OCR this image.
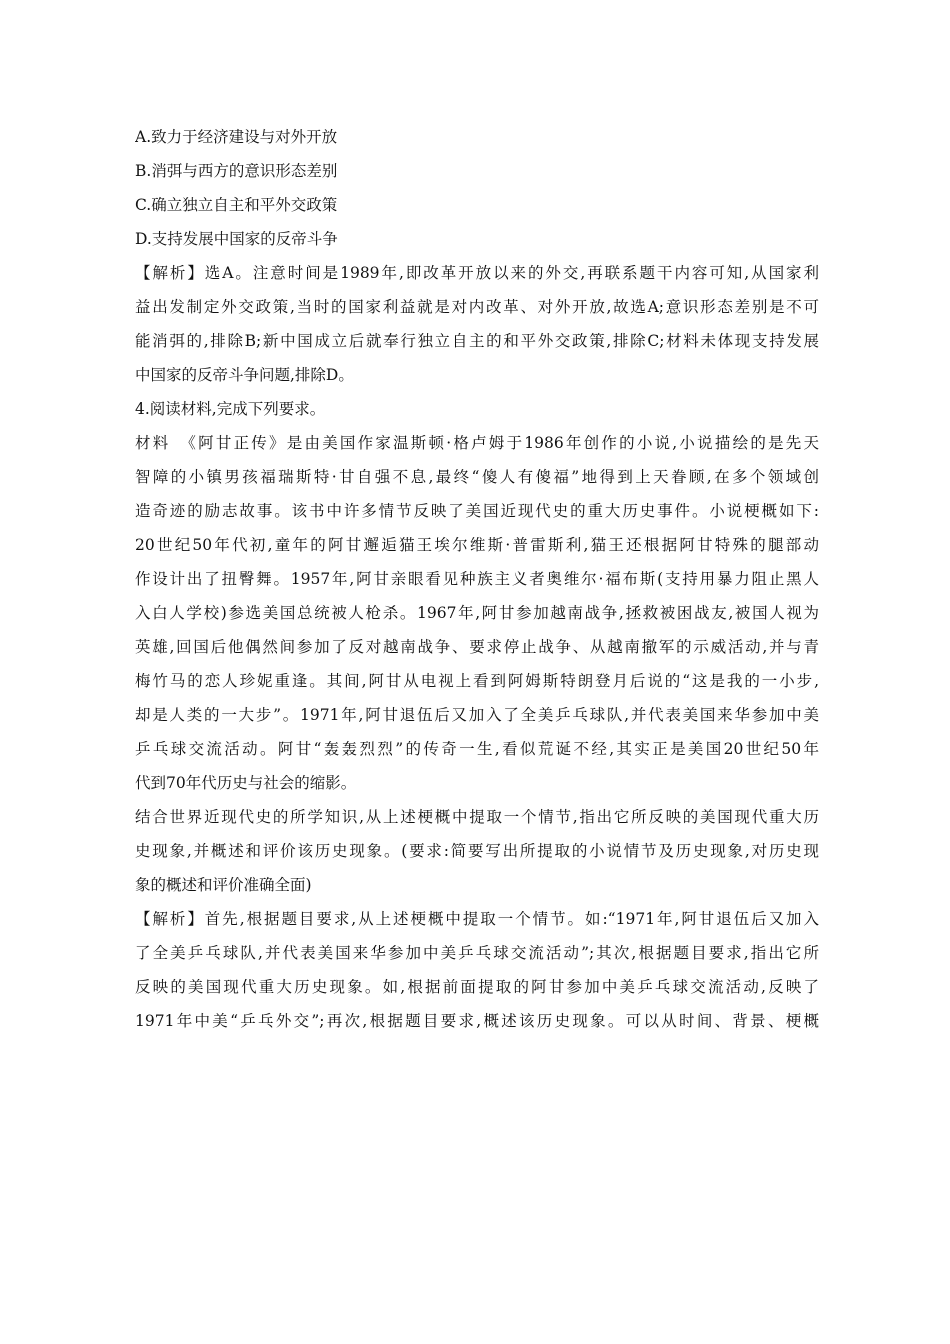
A.致力于经济建设与对外开放
B.消弭与西方的意识形态差别
C.确立独立自主和平外交政策
D.支持发展中国家的反帝斗争
【解析】选A。注意时间是1989年,即改革开放以来的外交,再联系题干内容可知,从国家利
益出发制定外交政策,当时的国家利益就是对内改革、对外开放,故选A;意识形态差别是不可
能消弭的,排除B;新中国成立后就奉行独立自主的和平外交政策,排除C;材料未体现支持发展
中国家的反帝斗争问题,排除D。
4.阅读材料,完成下列要求。
材料　《阿甘正传》是由美国作家温斯顿·格卢姆于1986年创作的小说,小说描绘的是先天
智障的小镇男孩福瑞斯特·甘自强不息,最终“傻人有傻福”地得到上天眷顾,在多个领域创
造奇迹的励志故事。该书中许多情节反映了美国近现代史的重大历史事件。小说梗概如下:
20世纪50年代初,童年的阿甘邂逅猫王埃尔维斯·普雷斯利,猫王还根据阿甘特殊的腿部动
作设计出了扭臀舞。1957年,阿甘亲眼看见种族主义者奥维尔·福布斯(支持用暴力阻止黑人
入白人学校)参选美国总统被人枪杀。1967年,阿甘参加越南战争,拯救被困战友,被国人视为
英雄,回国后他偶然间参加了反对越南战争、要求停止战争、从越南撤军的示威活动,并与青
梅竹马的恋人珍妮重逢。其间,阿甘从电视上看到阿姆斯特朗登月后说的“这是我的一小步,
却是人类的一大步”。1971年,阿甘退伍后又加入了全美乒乓球队,并代表美国来华参加中美
乒乓球交流活动。阿甘“轰轰烈烈”的传奇一生,看似荒诞不经,其实正是美国20世纪50年
代到70年代历史与社会的缩影。
结合世界近现代史的所学知识,从上述梗概中提取一个情节,指出它所反映的美国现代重大历
史现象,并概述和评价该历史现象。(要求:简要写出所提取的小说情节及历史现象,对历史现
象的概述和评价准确全面)
【解析】首先,根据题目要求,从上述梗概中提取一个情节。如:“1971年,阿甘退伍后又加入
了全美乒乓球队,并代表美国来华参加中美乒乓球交流活动”;其次,根据题目要求,指出它所
反映的美国现代重大历史现象。如,根据前面提取的阿甘参加中美乒乓球交流活动,反映了
1971年中美“乒乓外交”;再次,根据题目要求,概述该历史现象。可以从时间、背景、梗概
